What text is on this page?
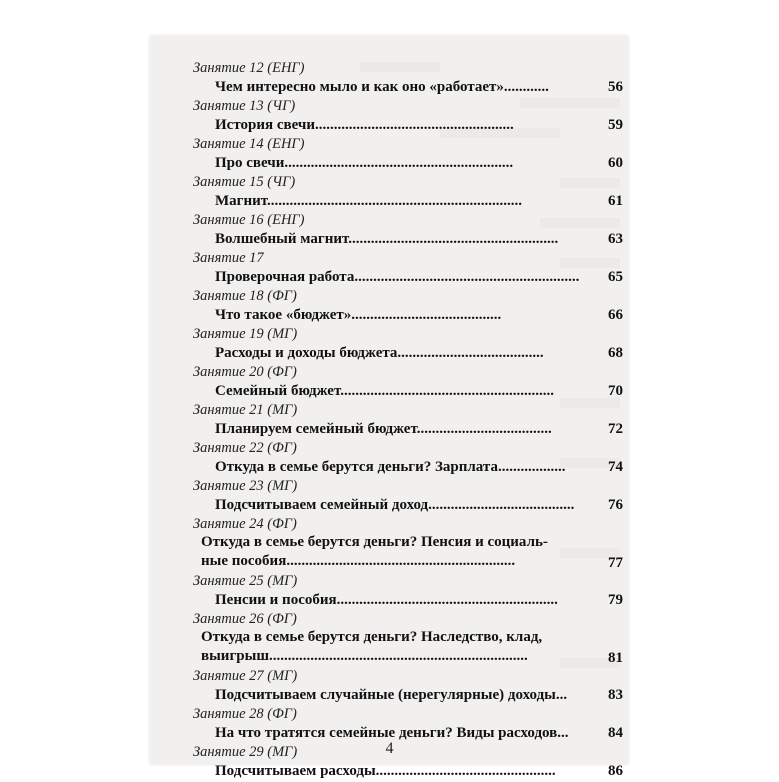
Занятие 12 (ЕНГ)
Чем интересно мыло и как оно «работает»............	56
Занятие 13 (ЧГ)
История свечи.....................................................	59
Занятие 14 (ЕНГ)
Про свечи.............................................................	60
Занятие 15 (ЧГ)
Магнит....................................................................	61
Занятие 16 (ЕНГ)
Волшебный магнит........................................................	63
Занятие 17
Проверочная работа............................................................	65
Занятие 18 (ФГ)
Что такое «бюджет»........................................	66
Занятие 19 (МГ)
Расходы и доходы бюджета.......................................	68
Занятие 20 (ФГ)
Семейный бюджет.........................................................	70
Занятие 21 (МГ)
Планируем семейный бюджет....................................	72
Занятие 22 (ФГ)
Откуда в семье берутся деньги? Зарплата..................	74
Занятие 23 (МГ)
Подсчитываем семейный доход.......................................	76
Занятие 24 (ФГ)
Откуда в семье берутся деньги? Пенсия и социаль-
ные пособия.............................................................	77
Занятие 25 (МГ)
Пенсии и пособия...........................................................	79
Занятие 26 (ФГ)
Откуда в семье берутся деньги? Наследство, клад,
выигрыш.....................................................................	81
Занятие 27 (МГ)
Подсчитываем случайные (нерегулярные) доходы...	83
Занятие 28 (ФГ)
На что тратятся семейные деньги? Виды расходов...	84
Занятие 29 (МГ)
Подсчитываем расходы................................................	86
4
